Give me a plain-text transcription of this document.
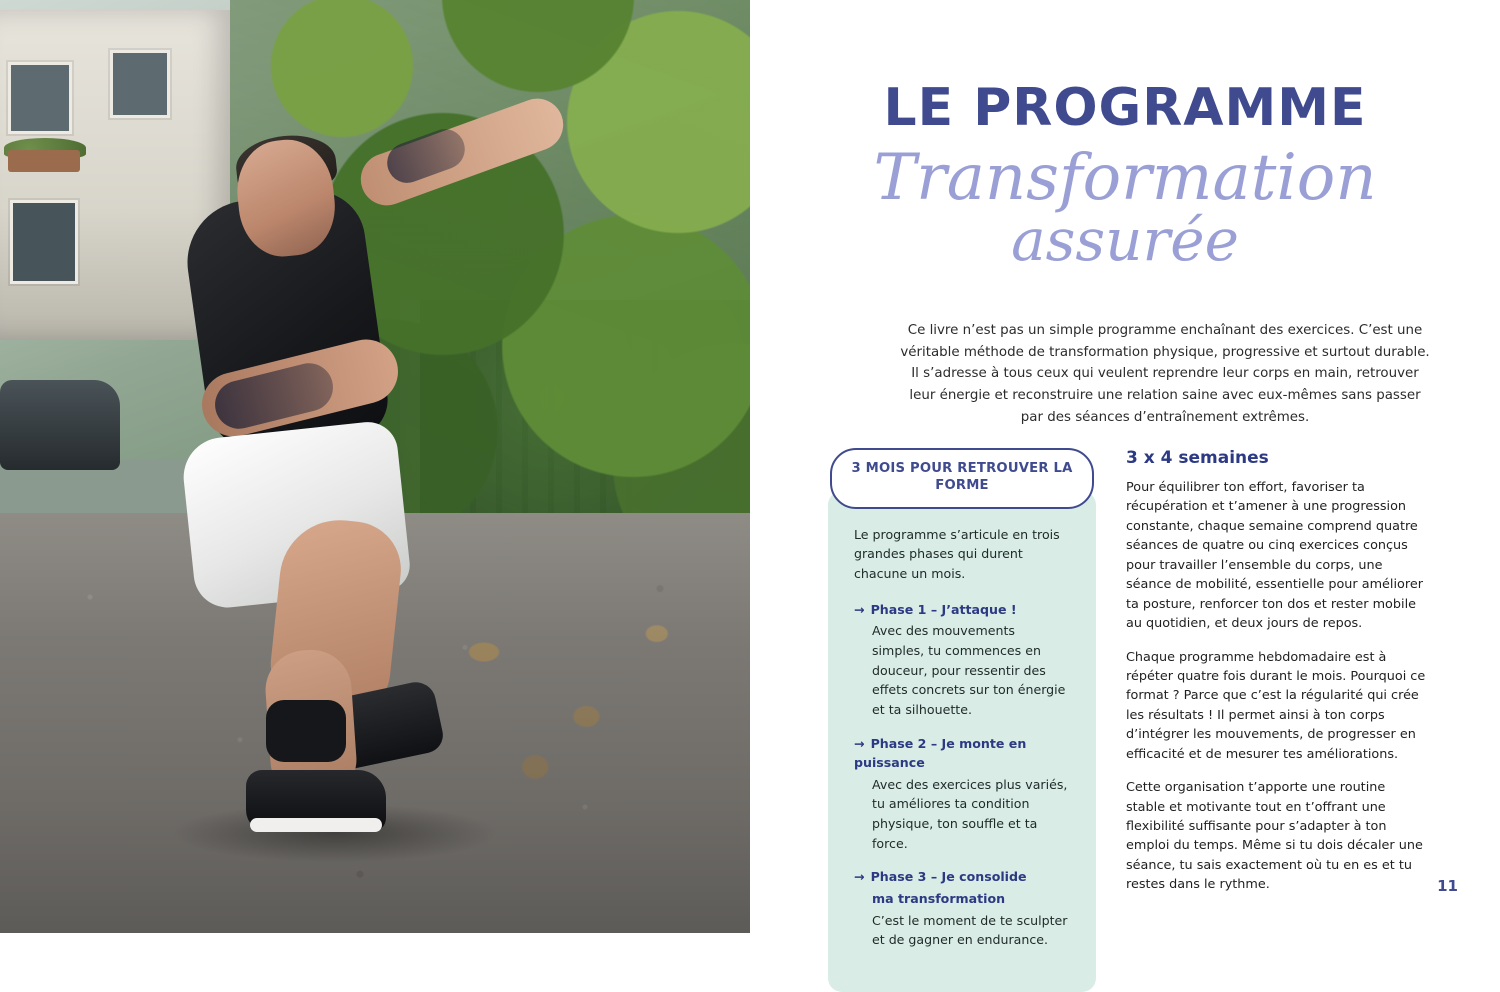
LE PROGRAMME
Transformation
assurée
Ce livre n’est pas un simple programme enchaînant des exercices. C’est une véritable méthode de transformation physique, progressive et surtout durable. Il s’adresse à tous ceux qui veulent reprendre leur corps en main, retrouver leur énergie et reconstruire une relation saine avec eux-mêmes sans passer par des séances d’entraînement extrêmes.
3 MOIS POUR RETROUVER LA FORME

Le programme s’articule en trois grandes phases qui durent chacune un mois.

→ Phase 1 – J’attaque !
Avec des mouvements simples, tu commences en douceur, pour ressentir des effets concrets sur ton énergie et ta silhouette.
→ Phase 2 – Je monte en puissance
Avec des exercices plus variés, tu améliores ta condition physique, ton souffle et ta force.
→ Phase 3 – Je consolide
ma transformation
C’est le moment de te sculpter et de gagner en endurance.
3 x 4 semaines

Pour équilibrer ton effort, favoriser ta récupération et t’amener à une progression constante, chaque semaine comprend quatre séances de quatre ou cinq exercices conçus pour travailler l’ensemble du corps, une séance de mobilité, essentielle pour améliorer ta posture, renforcer ton dos et rester mobile au quotidien, et deux jours de repos.

Chaque programme hebdomadaire est à répéter quatre fois durant le mois. Pourquoi ce format ? Parce que c’est la régularité qui crée les résultats ! Il permet ainsi à ton corps d’intégrer les mouvements, de progresser en efficacité et de mesurer tes améliorations.

Cette organisation t’apporte une routine stable et motivante tout en t’offrant une flexibilité suffisante pour s’adapter à ton emploi du temps. Même si tu dois décaler une séance, tu sais exactement où tu en es et tu restes dans le rythme.	11
